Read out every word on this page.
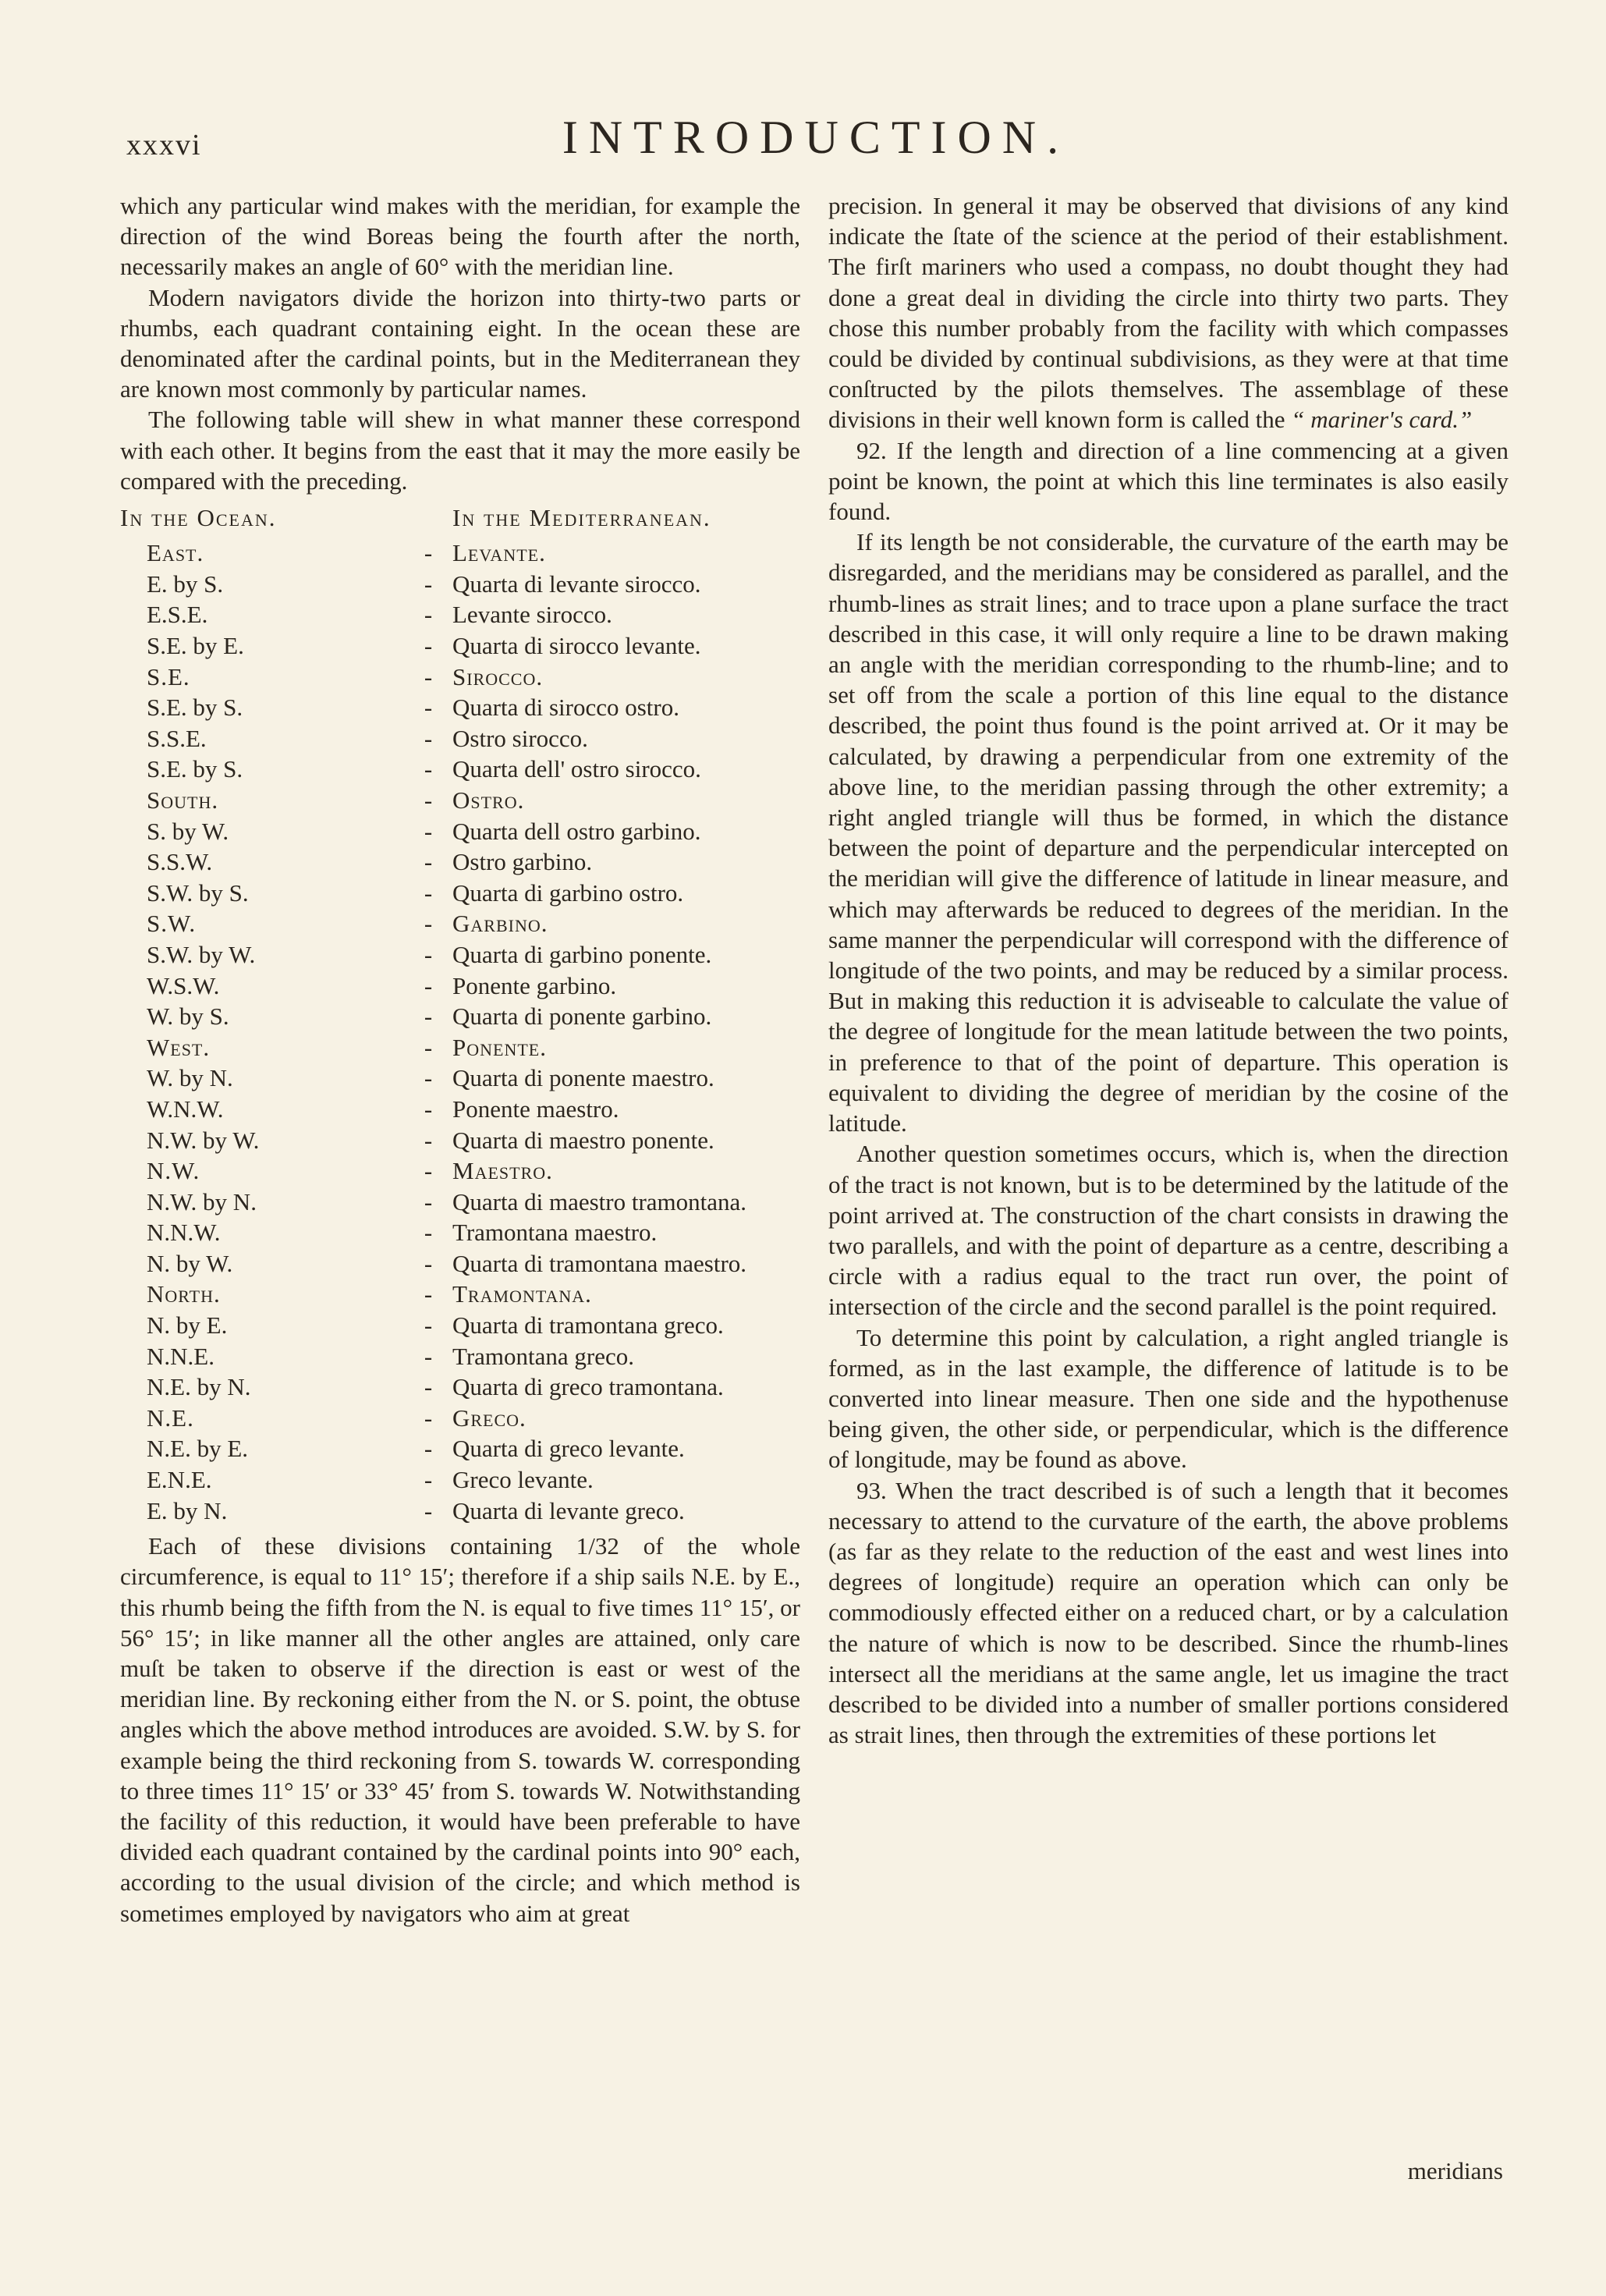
xxxvi	INTRODUCTION.

which any particular wind makes with the meridian, for example the direction of the wind Boreas being the fourth after the north, necessarily makes an angle of 60° with the meridian line.

Modern navigators divide the horizon into thirty-two parts or rhumbs, each quadrant containing eight. In the ocean these are denominated after the cardinal points, but in the Mediterranean they are known most commonly by particular names.

The following table will shew in what manner these correspond with each other. It begins from the east that it may the more easily be compared with the preceding.

In the Ocean.		In the Mediterranean.
East.	-	Levante.
E. by S.	-	Quarta di levante sirocco.
E.S.E.	-	Levante sirocco.
S.E. by E.	-	Quarta di sirocco levante.
S.E.	-	Sirocco.
S.E. by S.	-	Quarta di sirocco ostro.
S.S.E.	-	Ostro sirocco.
S.E. by S.	-	Quarta dell' ostro sirocco.
South.	-	Ostro.
S. by W.	-	Quarta dell ostro garbino.
S.S.W.	-	Ostro garbino.
S.W. by S.	-	Quarta di garbino ostro.
S.W.	-	Garbino.
S.W. by W.	-	Quarta di garbino ponente.
W.S.W.	-	Ponente garbino.
W. by S.	-	Quarta di ponente garbino.
West.	-	Ponente.
W. by N.	-	Quarta di ponente maestro.
W.N.W.	-	Ponente maestro.
N.W. by W.	-	Quarta di maestro ponente.
N.W.	-	Maestro.
N.W. by N.	-	Quarta di maestro tramontana.
N.N.W.	-	Tramontana maestro.
N. by W.	-	Quarta di tramontana maestro.
North.	-	Tramontana.
N. by E.	-	Quarta di tramontana greco.
N.N.E.	-	Tramontana greco.
N.E. by N.	-	Quarta di greco tramontana.
N.E.	-	Greco.
N.E. by E.	-	Quarta di greco levante.
E.N.E.	-	Greco levante.
E. by N.	-	Quarta di levante greco.

Each of these divisions containing 1/32 of the whole circumference, is equal to 11° 15′; therefore if a ship sails N.E. by E., this rhumb being the fifth from the N. is equal to five times 11° 15′, or 56° 15′; in like manner all the other angles are attained, only care muſt be taken to observe if the direction is east or west of the meridian line. By reckoning either from the N. or S. point, the obtuse angles which the above method introduces are avoided. S.W. by S. for example being the third reckoning from S. towards W. corresponding to three times 11° 15′ or 33° 45′ from S. towards W. Notwithstanding the facility of this reduction, it would have been preferable to have divided each quadrant contained by the cardinal points into 90° each, according to the usual division of the circle; and which method is sometimes employed by navigators who aim at great

precision. In general it may be observed that divisions of any kind indicate the ſtate of the science at the period of their establishment. The firſt mariners who used a compass, no doubt thought they had done a great deal in dividing the circle into thirty two parts. They chose this number probably from the facility with which compasses could be divided by continual subdivisions, as they were at that time conſtructed by the pilots themselves. The assemblage of these divisions in their well known form is called the “ mariner's card.”

92. If the length and direction of a line commencing at a given point be known, the point at which this line terminates is also easily found.

If its length be not considerable, the curvature of the earth may be disregarded, and the meridians may be considered as parallel, and the rhumb-lines as strait lines; and to trace upon a plane surface the tract described in this case, it will only require a line to be drawn making an angle with the meridian corresponding to the rhumb-line; and to set off from the scale a portion of this line equal to the distance described, the point thus found is the point arrived at. Or it may be calculated, by drawing a perpendicular from one extremity of the above line, to the meridian passing through the other extremity; a right angled triangle will thus be formed, in which the distance between the point of departure and the perpendicular intercepted on the meridian will give the difference of latitude in linear measure, and which may afterwards be reduced to degrees of the meridian. In the same manner the perpendicular will correspond with the difference of longitude of the two points, and may be reduced by a similar process. But in making this reduction it is adviseable to calculate the value of the degree of longitude for the mean latitude between the two points, in preference to that of the point of departure. This operation is equivalent to dividing the degree of meridian by the cosine of the latitude.

Another question sometimes occurs, which is, when the direction of the tract is not known, but is to be determined by the latitude of the point arrived at. The construction of the chart consists in drawing the two parallels, and with the point of departure as a centre, describing a circle with a radius equal to the tract run over, the point of intersection of the circle and the second parallel is the point required.

To determine this point by calculation, a right angled triangle is formed, as in the last example, the difference of latitude is to be converted into linear measure. Then one side and the hypothenuse being given, the other side, or perpendicular, which is the difference of longitude, may be found as above.

93. When the tract described is of such a length that it becomes necessary to attend to the curvature of the earth, the above problems (as far as they relate to the reduction of the east and west lines into degrees of longitude) require an operation which can only be commodiously effected either on a reduced chart, or by a calculation the nature of which is now to be described. Since the rhumb-lines intersect all the meridians at the same angle, let us imagine the tract described to be divided into a number of smaller portions considered as strait lines, then through the extremities of these portions let

meridians
